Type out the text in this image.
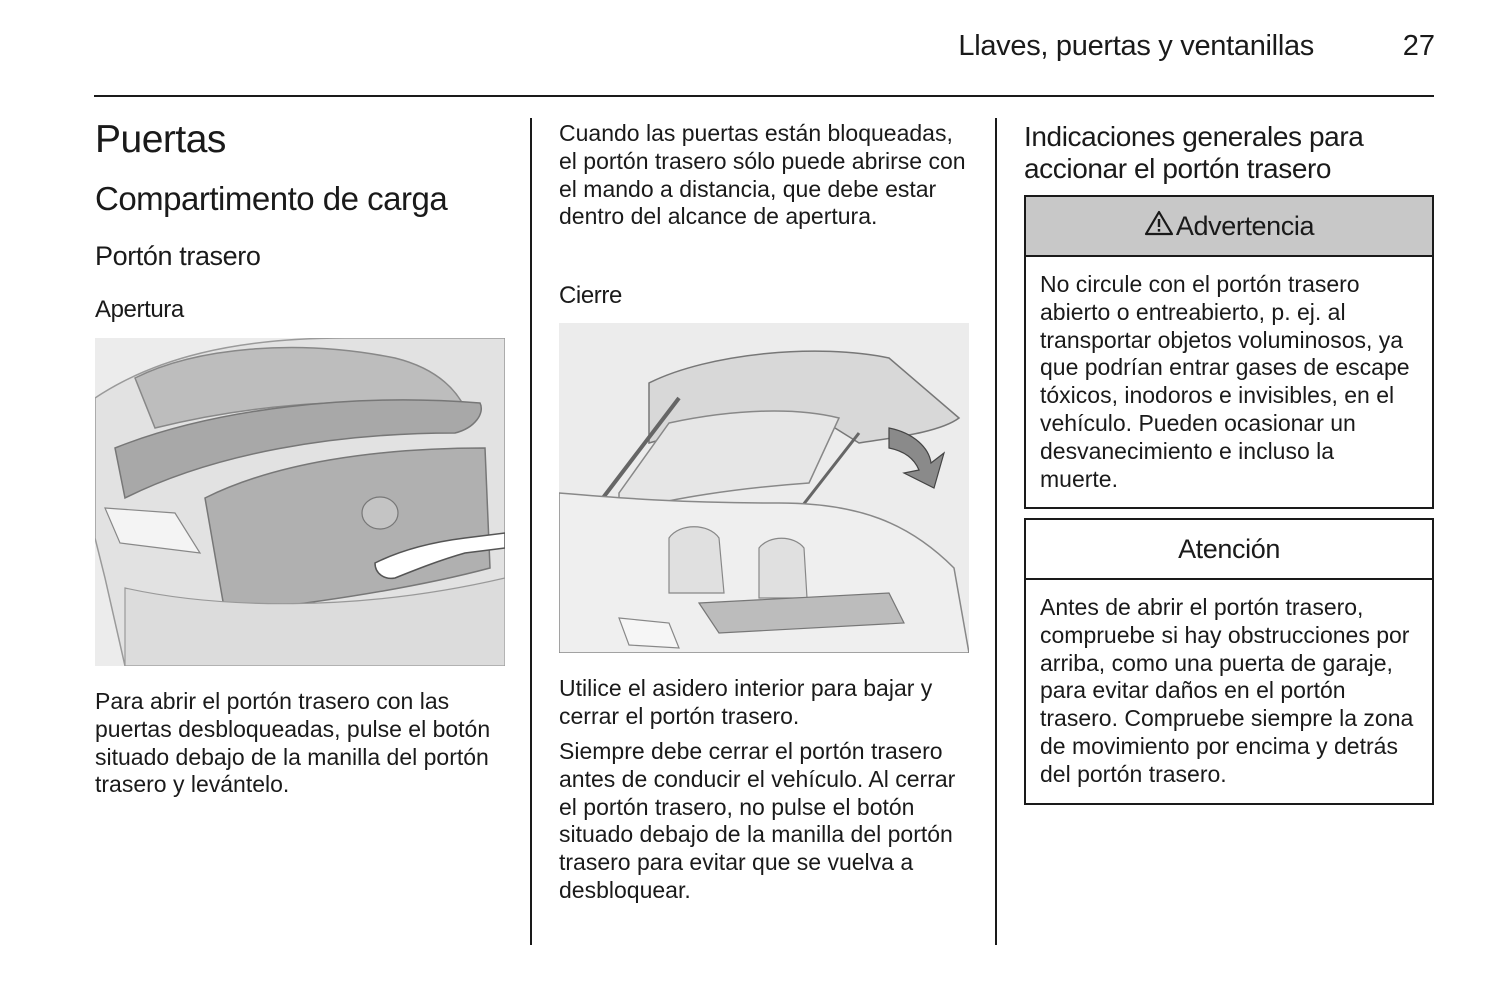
Llaves, puertas y ventanillas	27
Puertas
Compartimento de carga
Portón trasero
Apertura

Para abrir el portón trasero con las puertas desbloqueadas, pulse el botón situado debajo de la manilla del portón trasero y levántelo.

Cuando las puertas están bloqueadas, el portón trasero sólo puede abrirse con el mando a distancia, que debe estar dentro del alcance de apertura.

Cierre

Utilice el asidero interior para bajar y cerrar el portón trasero.

Siempre debe cerrar el portón trasero antes de conducir el vehículo. Al cerrar el portón trasero, no pulse el botón situado debajo de la manilla del portón trasero para evitar que se vuelva a desbloquear.

Indicaciones generales para accionar el portón trasero
Advertencia
No circule con el portón trasero abierto o entreabierto, p. ej. al transportar objetos voluminosos, ya que podrían entrar gases de escape tóxicos, inodoros e invisibles, en el vehículo. Pueden ocasionar un desvanecimiento e incluso la muerte.
Atención
Antes de abrir el portón trasero, compruebe si hay obstrucciones por arriba, como una puerta de garaje, para evitar daños en el portón trasero. Compruebe siempre la zona de movimiento por encima y detrás del portón trasero.
